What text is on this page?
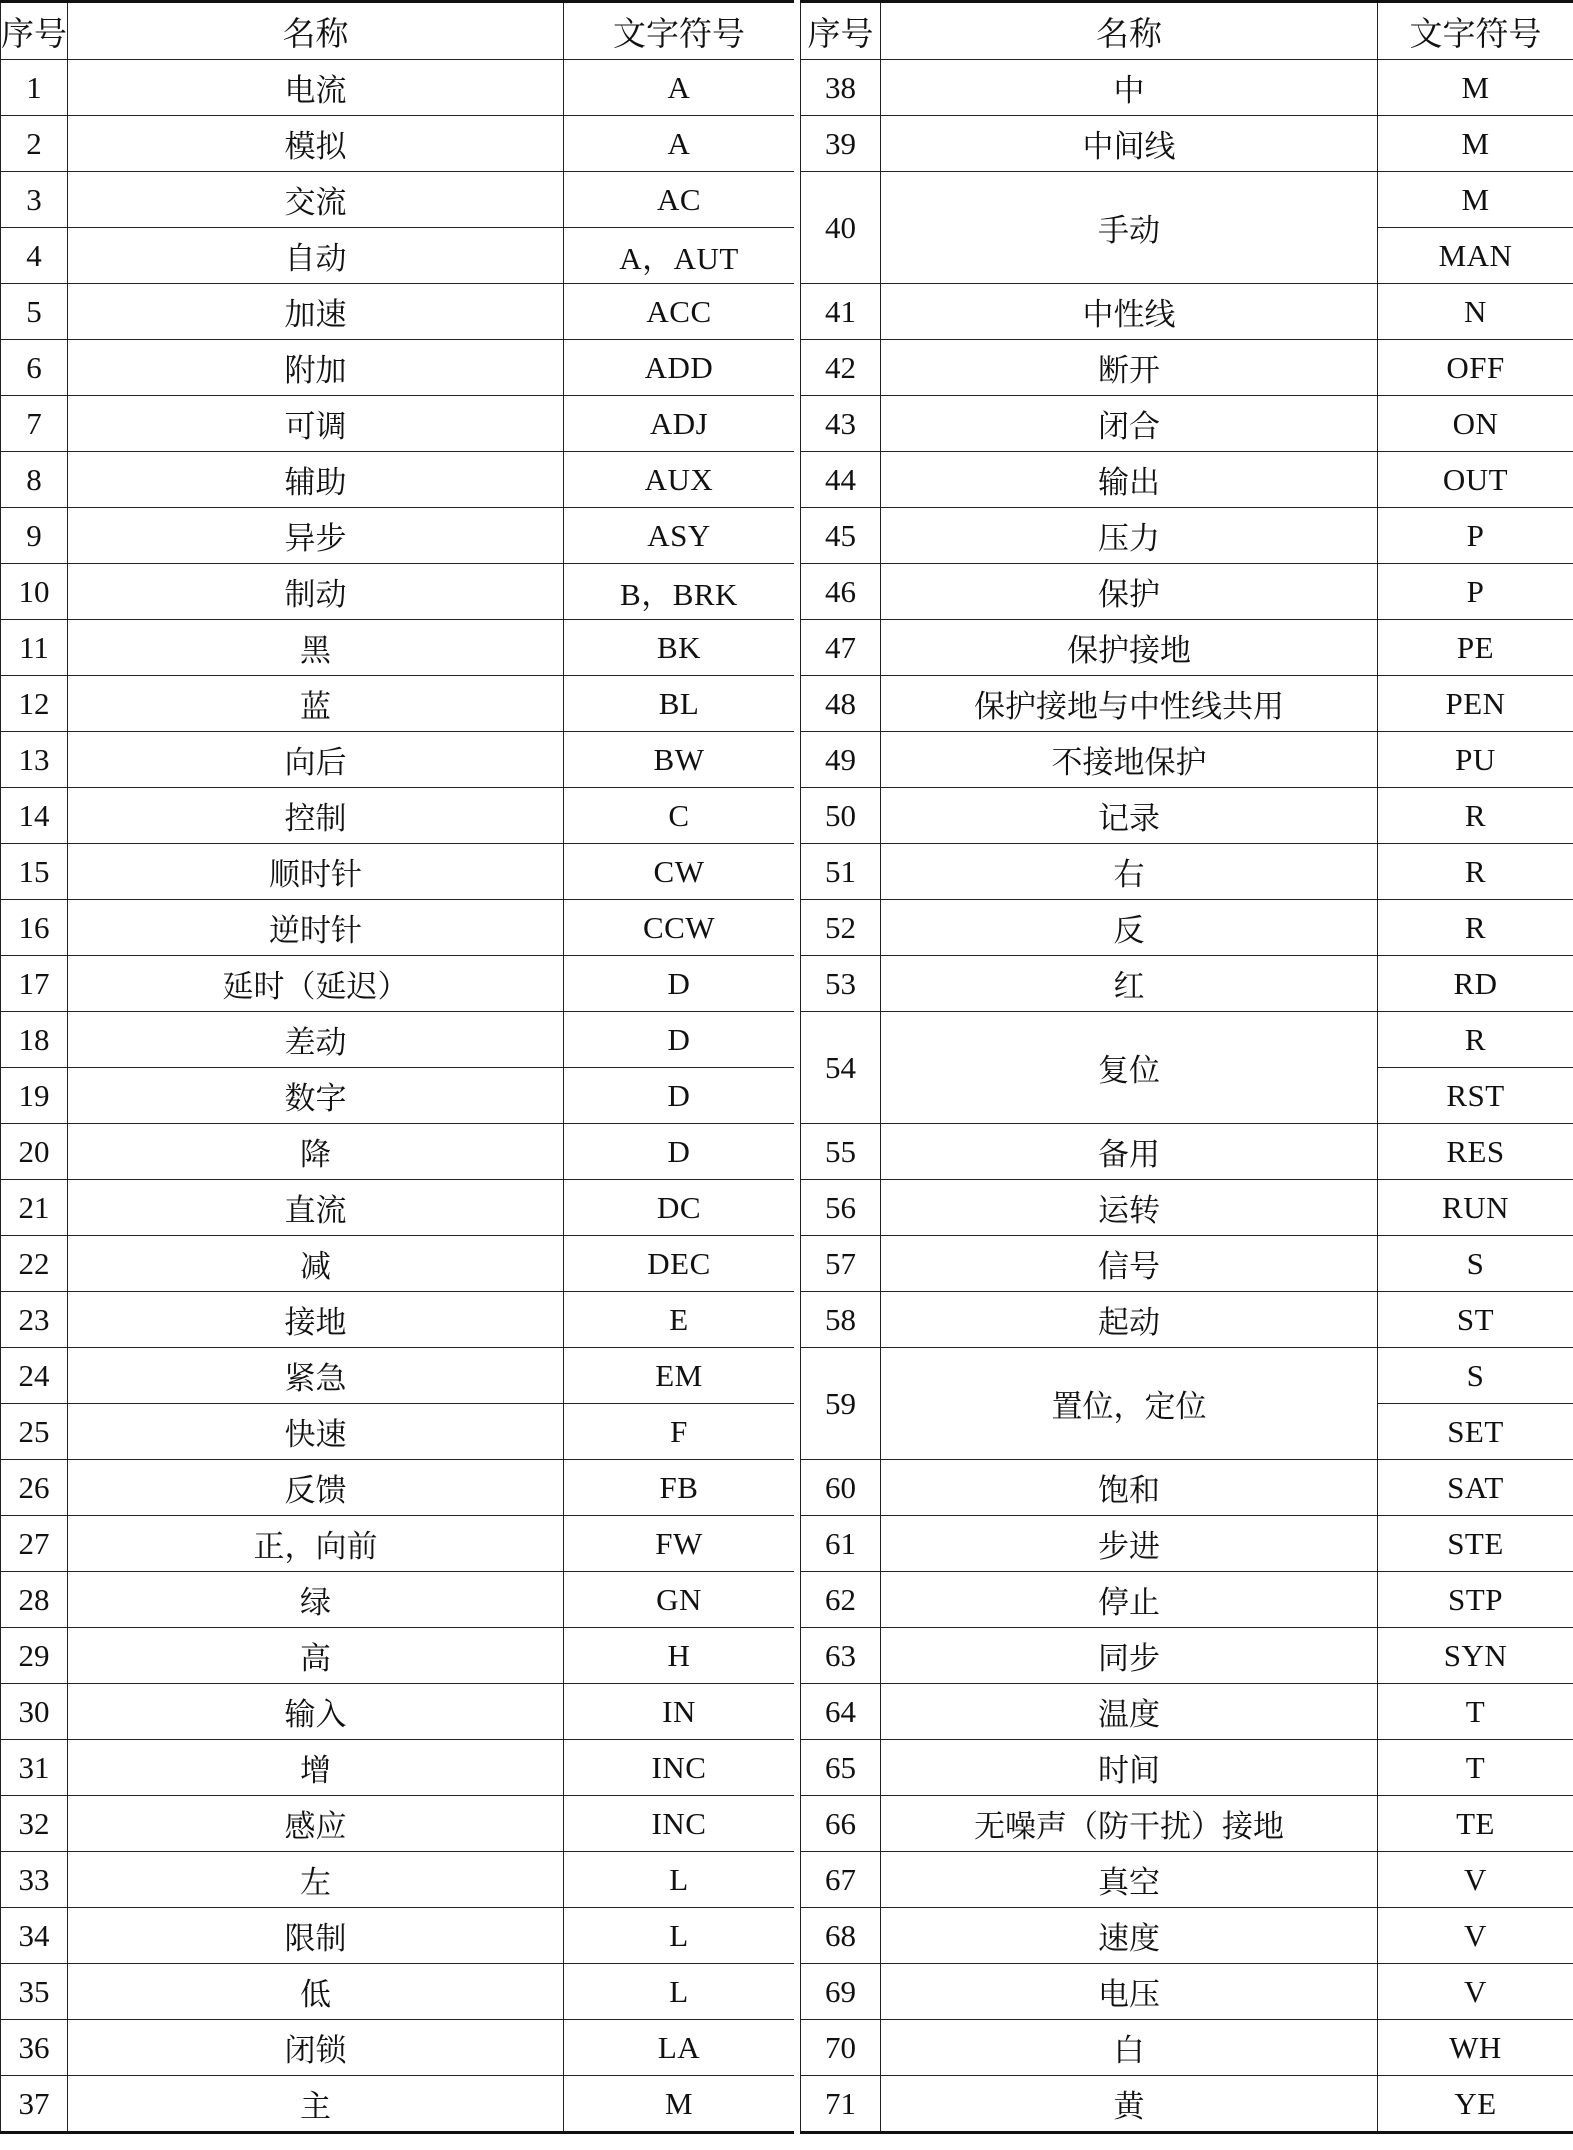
序号	名称	文字符号
1	电流	A
2	模拟	A
3	交流	AC
4	自动	A，AUT
5	加速	ACC
6	附加	ADD
7	可调	ADJ
8	辅助	AUX
9	异步	ASY
10	制动	B，BRK
11	黑	BK
12	蓝	BL
13	向后	BW
14	控制	C
15	顺时针	CW
16	逆时针	CCW
17	延时（延迟）	D
18	差动	D
19	数字	D
20	降	D
21	直流	DC
22	减	DEC
23	接地	E
24	紧急	EM
25	快速	F
26	反馈	FB
27	正，向前	FW
28	绿	GN
29	高	H
30	输入	IN
31	增	INC
32	感应	INC
33	左	L
34	限制	L
35	低	L
36	闭锁	LA
37	主	M
序号	名称	文字符号
38	中	M
39	中间线	M
40	手动	M
		MAN
41	中性线	N
42	断开	OFF
43	闭合	ON
44	输出	OUT
45	压力	P
46	保护	P
47	保护接地	PE
48	保护接地与中性线共用	PEN
49	不接地保护	PU
50	记录	R
51	右	R
52	反	R
53	红	RD
54	复位	R
		RST
55	备用	RES
56	运转	RUN
57	信号	S
58	起动	ST
59	置位，定位	S
		SET
60	饱和	SAT
61	步进	STE
62	停止	STP
63	同步	SYN
64	温度	T
65	时间	T
66	无噪声（防干扰）接地	TE
67	真空	V
68	速度	V
69	电压	V
70	白	WH
71	黄	YE
